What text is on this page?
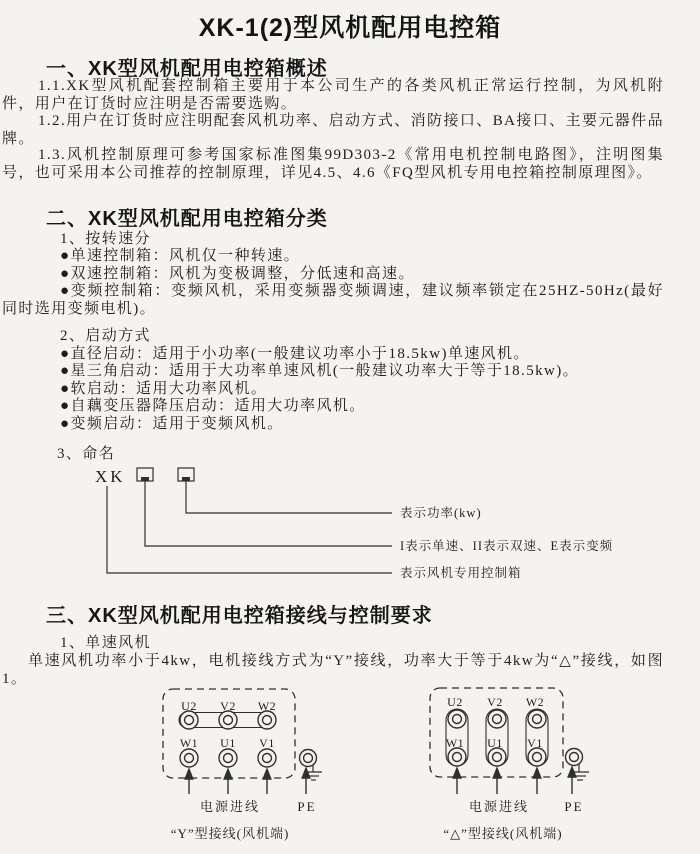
XK-1(2)型风机配用电控箱
一、XK型风机配用电控箱概述

1.1.XK型风机配套控制箱主要用于本公司生产的各类风机正常运行控制，为风机附件，用户在订货时应注明是否需要选购。

1.2.用户在订货时应注明配套风机功率、启动方式、消防接口、BA接口、主要元器件品牌。

1.3.风机控制原理可参考国家标准图集99D303-2《常用电机控制电路图》，注明图集号，也可采用本公司推荐的控制原理，详见4.5、4.6《FQ型风机专用电控箱控制原理图》。

二、XK型风机配用电控箱分类

1、按转速分

●单速控制箱：风机仅一种转速。

●双速控制箱：风机为变极调整，分低速和高速。

●变频控制箱：变频风机，采用变频器变频调速，建议频率锁定在25HZ-50Hz(最好同时选用变频电机)。

2、启动方式

●直径启动：适用于小功率(一般建议功率小于18.5kw)单速风机。

●星三角启动：适用于大功率单速风机(一般建议功率大于等于18.5kw)。

●软启动：适用大功率风机。

●自藕变压器降压启动：适用大功率风机。

●变频启动：适用于变频风机。

3、命名

XK
表示功率(kw)
I表示单速、II表示双速、E表示变频
表示风机专用控制箱
三、XK型风机配用电控箱接线与控制要求

1、单速风机

单速风机功率小于4kw，电机接线方式为“Y”接线，功率大于等于4kw为“△”接线，如图1。

U2 V2 W2
W1 U1 V1
电源进线	PE
“Y”型接线(风机端)
U2 V2 W2
W1 U1 V1
电源进线	PE
“△”型接线(风机端)
